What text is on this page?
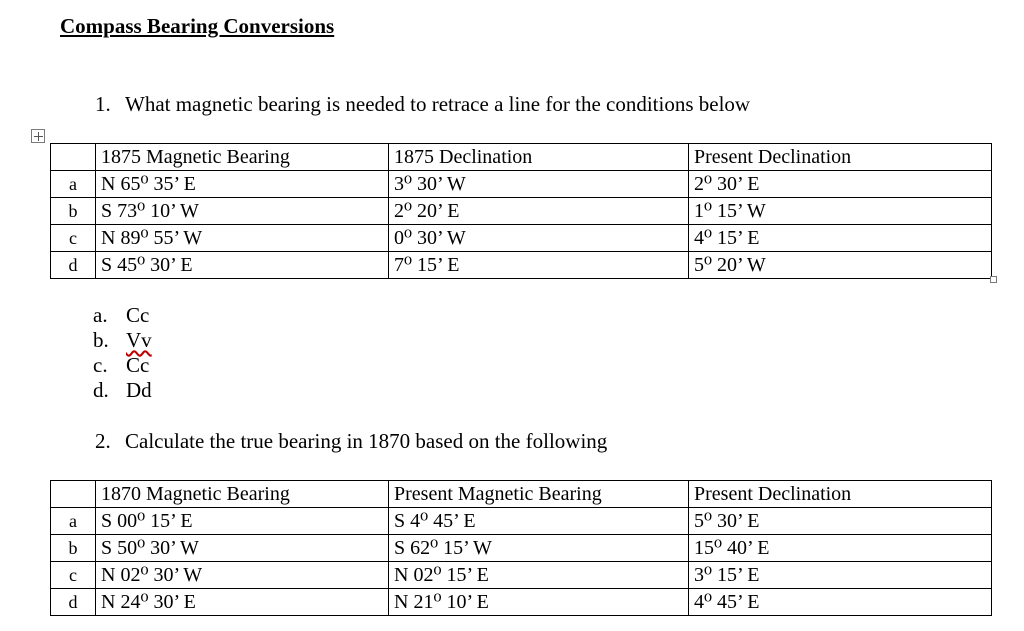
Compass Bearing Conversions
1. What magnetic bearing is needed to retrace a line for the conditions below
	1875 Magnetic Bearing	1875 Declination	Present Declination
a	N 65⁰ 35’ E	3⁰ 30’ W	2⁰ 30’ E
b	S 73⁰ 10’ W	2⁰ 20’ E	1⁰ 15’ W
c	N 89⁰ 55’ W	0⁰ 30’ W	4⁰ 15’ E
d	S 45⁰ 30’ E	7⁰ 15’ E	5⁰ 20’ W
a. Cc
b. Vv
c. Cc
d. Dd
2. Calculate the true bearing in 1870 based on the following
	1870 Magnetic Bearing	Present Magnetic Bearing	Present Declination
a	S 00⁰ 15’ E	S 4⁰ 45’ E	5⁰ 30’ E
b	S 50⁰ 30’ W	S 62⁰ 15’ W	15⁰ 40’ E
c	N 02⁰ 30’ W	N 02⁰ 15’ E	3⁰ 15’ E
d	N 24⁰ 30’ E	N 21⁰ 10’ E	4⁰ 45’ E
